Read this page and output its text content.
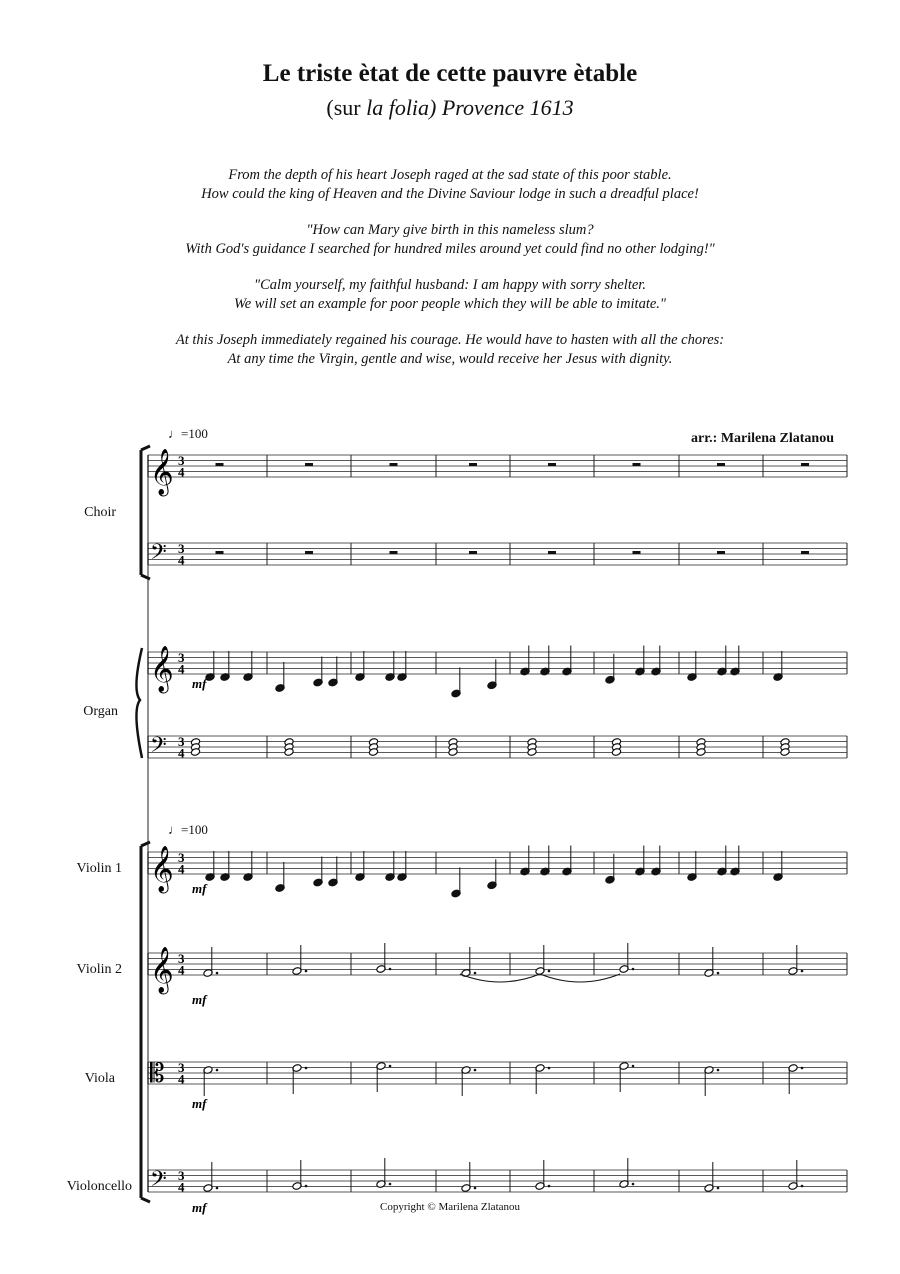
Le triste ètat de cette pauvre ètable
(sur la folia) Provence 1613
From the depth of his heart Joseph raged at the sad state of this poor stable.
How could the king of Heaven and the Divine Saviour lodge in such a dreadful place!
"How can Mary give birth in this nameless slum?
With God's guidance I searched for hundred miles around yet could find no other lodging!"
"Calm yourself, my faithful husband: I am happy with sorry shelter.
We will set an example for poor people which they will be able to imitate."
At this Joseph immediately regained his courage. He would have to hasten with all the chores:
At any time the Virgin, gentle and wise, would receive her Jesus with dignity.
arr.: Marilena Zlatanou
♩=100
♩=100
Choir
Organ
Violin 1
Violin 2
Viola
Violoncello
𝄞 3
4
𝄢 3
4
𝄞 3
4
𝄢 3
4
𝄞 3
4
𝄞 3
4
𝄡 3
4
𝄢 3
4
mf
mf
mf
mf
mf	Copyright © Marilena Zlatanou
